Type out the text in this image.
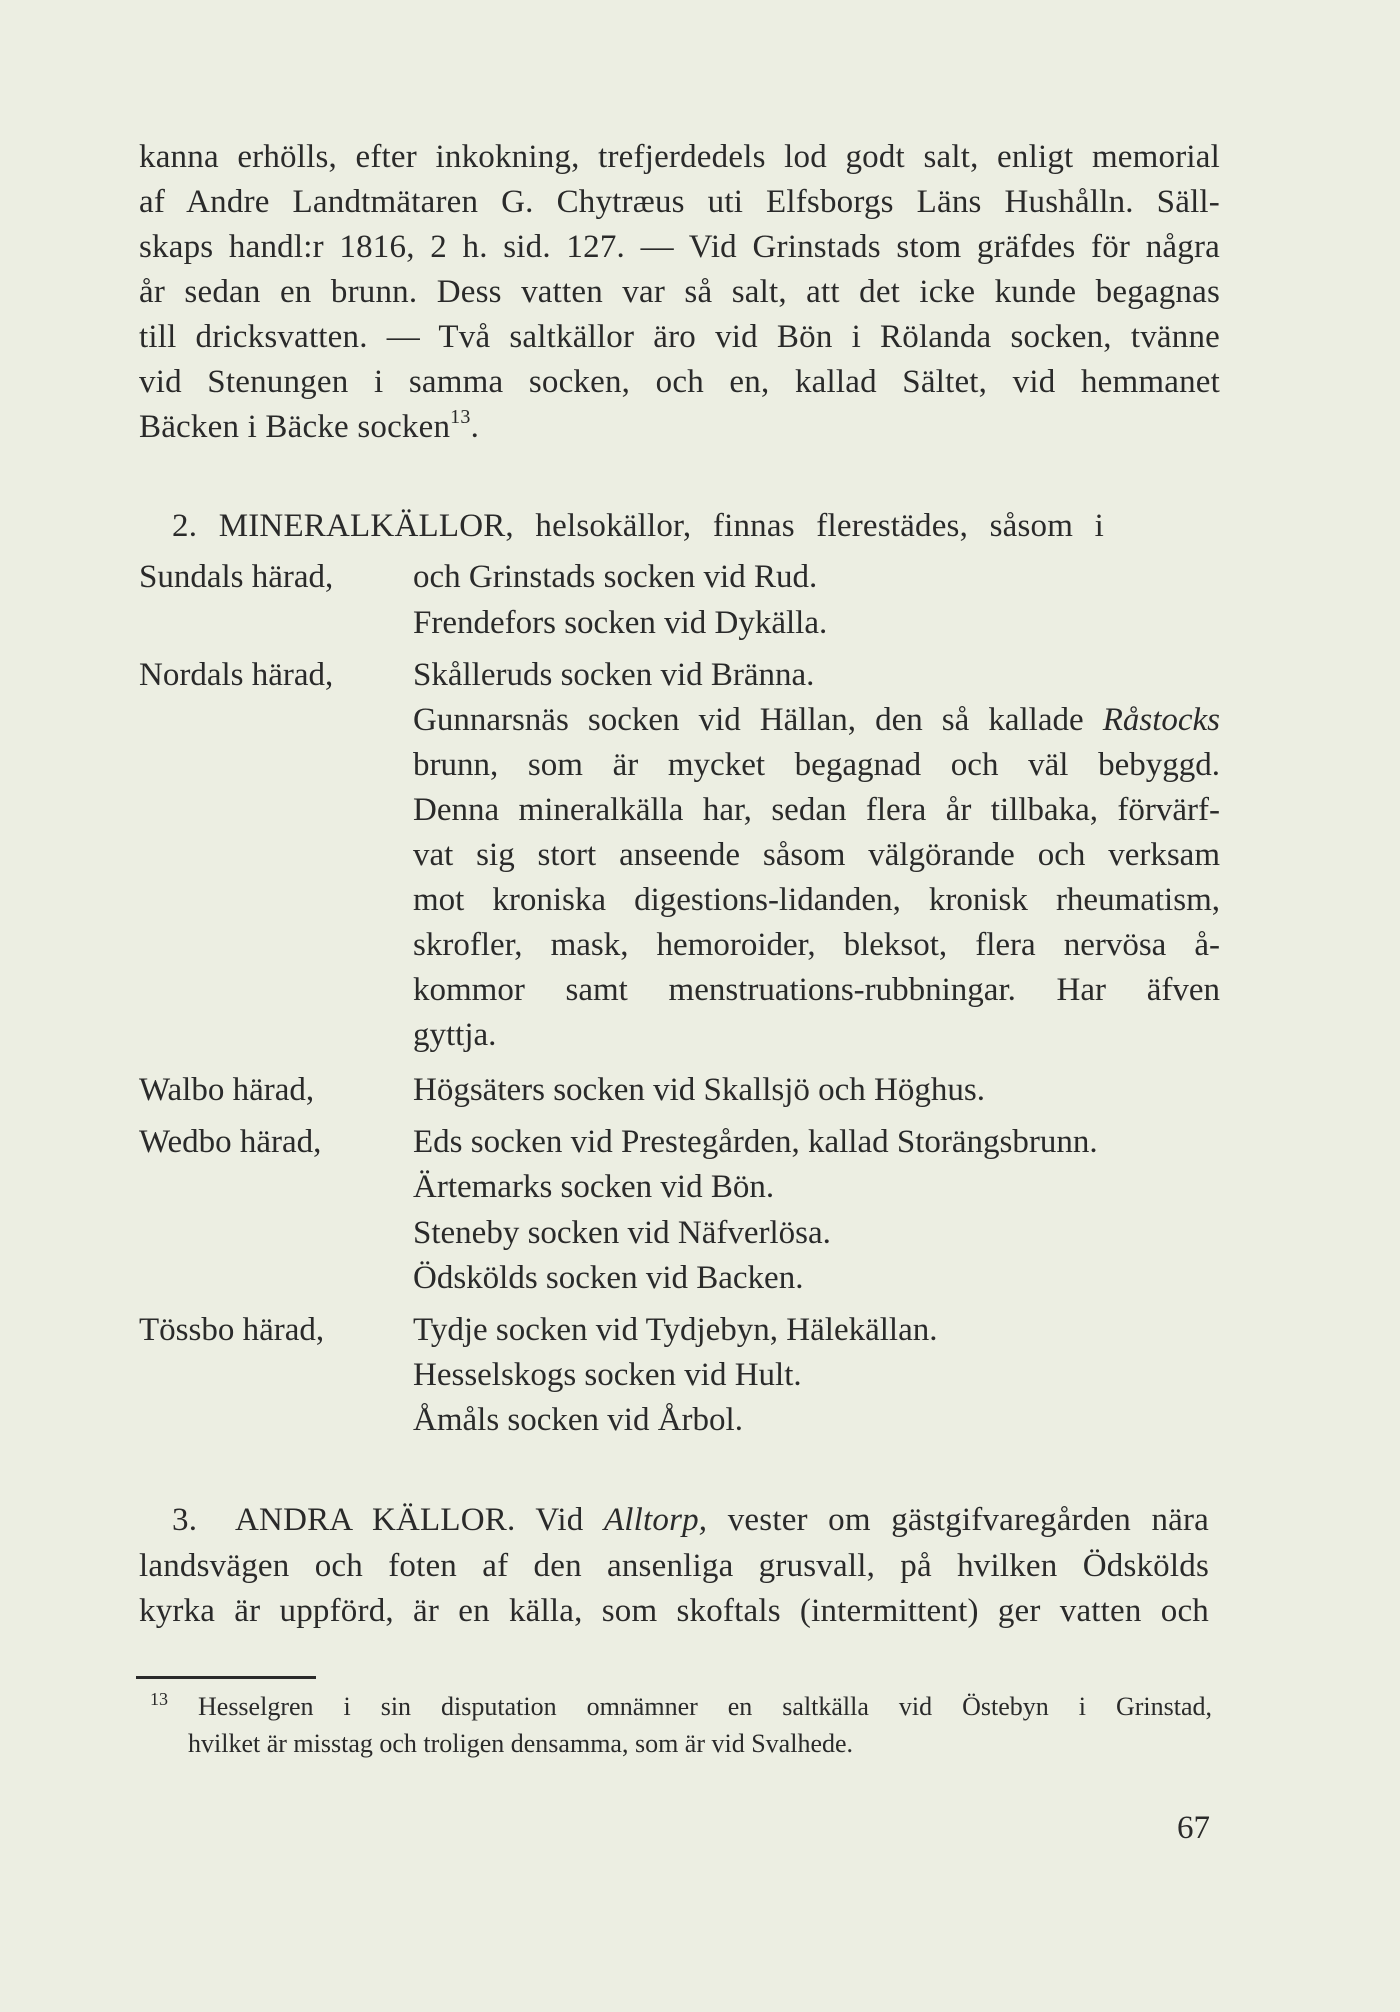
kanna erhölls, efter inkokning, trefjerdedels lod godt salt, enligt memorial
af Andre Landtmätaren G. Chytræus uti Elfsborgs Läns Hushålln. Säll-
skaps handl:r 1816, 2 h. sid. 127. — Vid Grinstads stom gräfdes för några
år sedan en brunn. Dess vatten var så salt, att det icke kunde begagnas
till dricksvatten. — Två saltkällor äro vid Bön i Rölanda socken, tvänne
vid Stenungen i samma socken, och en, kallad Sältet, vid hemmanet
Bäcken i Bäcke socken$^{13}$.
2. MINERALKÄLLOR, helsokällor, finnas flerestädes, såsom i
Sundals härad, och Grinstads socken vid Rud.
Frendefors socken vid Dykälla.
Nordals härad, Skålleruds socken vid Bränna.
Gunnarsnäs socken vid Hällan, den så kallade Råstocks
brunn, som är mycket begagnad och väl bebyggd.
Denna mineralkälla har, sedan flera år tillbaka, förvärf-
vat sig stort anseende såsom välgörande och verksam
mot kroniska digestions-lidanden, kronisk rheumatism,
skrofler, mask, hemoroider, bleksot, flera nervösa å-
kommor samt menstruations-rubbningar. Har äfven
gyttja.
Walbo härad,	Högsäters socken vid Skallsjö och Höghus.
Wedbo härad,	Eds socken vid Prestegården, kallad Storängsbrunn.
Ärtemarks socken vid Bön.
Steneby socken vid Näfverlösa.
Ödskölds socken vid Backen.
Tössbo härad,	Tydje socken vid Tydjebyn, Hälekällan.
Hesselskogs socken vid Hult.
Åmåls socken vid Årbol.
3. ANDRA KÄLLOR. Vid Alltorp, vester om gästgifvaregården nära
landsvägen och foten af den ansenliga grusvall, på hvilken Ödskölds
kyrka är uppförd, är en källa, som skoftals (intermittent) ger vatten och
$^{13}$ Hesselgren i sin disputation omnämner en saltkälla vid Östebyn i Grinstad,
hvilket är misstag och troligen densamma, som är vid Svalhede.
67
